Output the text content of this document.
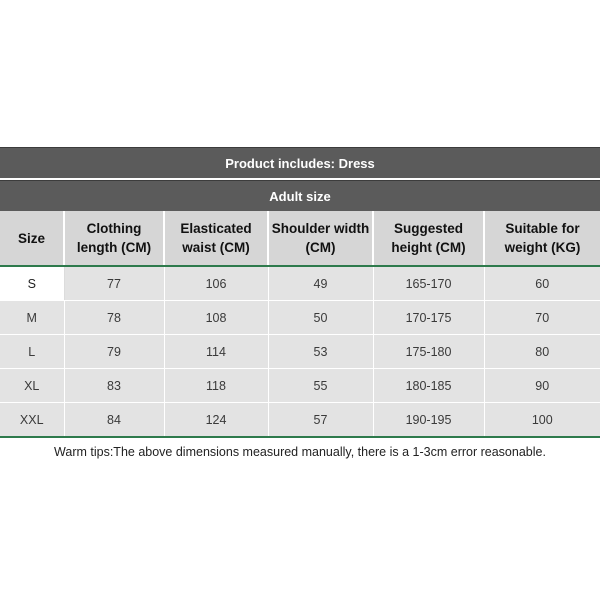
Product includes: Dress
Adult size
Size	Clothing length (CM)	Elasticated waist (CM)	Shoulder width (CM)	Suggested height (CM)	Suitable for weight (KG)
S	77	106	49	165-170	60
M	78	108	50	170-175	70
L	79	114	53	175-180	80
XL	83	118	55	180-185	90
XXL	84	124	57	190-195	100
Warm tips:The above dimensions measured manually, there is a 1-3cm error reasonable.
